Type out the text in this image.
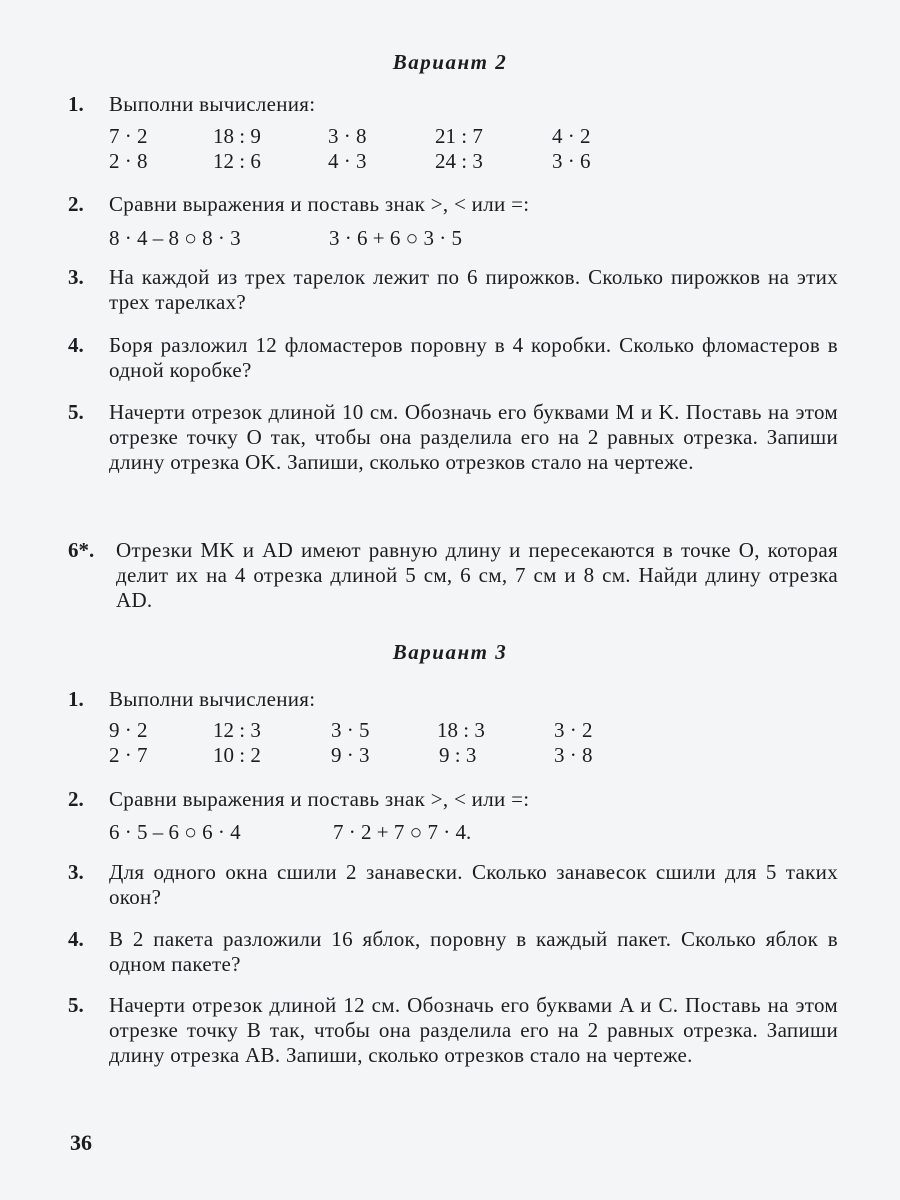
Вариант 2
1. Выполни вычисления:
7 · 2	18 : 9	3 · 8	21 : 7	4 · 2
2 · 8	12 : 6	4 · 3	24 : 3	3 · 6
2. Сравни выражения и поставь знак >, < или =:
8 · 4 – 8 ○ 8 · 3	3 · 6 + 6 ○ 3 · 5
3. На каждой из трех тарелок лежит по 6 пирожков. Сколько пирожков на этих трех тарелках?
4. Боря разложил 12 фломастеров поровну в 4 коробки. Сколько фломастеров в одной коробке?
5. Начерти отрезок длиной 10 см. Обозначь его буквами M и K. Поставь на этом отрезке точку O так, чтобы она разделила его на 2 равных отрезка. Запиши длину отрезка OK. Запиши, сколько отрезков стало на чертеже.
6*. Отрезки MK и AD имеют равную длину и пересекаются в точке O, которая делит их на 4 отрезка длиной 5 см, 6 см, 7 см и 8 см. Найди длину отрезка AD.
Вариант 3
1. Выполни вычисления:
9 · 2	12 : 3	3 · 5	18 : 3	3 · 2
2 · 7	10 : 2	9 · 3	9 : 3	3 · 8
2. Сравни выражения и поставь знак >, < или =:
6 · 5 – 6 ○ 6 · 4	7 · 2 + 7 ○ 7 · 4.
3. Для одного окна сшили 2 занавески. Сколько занавесок сшили для 5 таких окон?
4. В 2 пакета разложили 16 яблок, поровну в каждый пакет. Сколько яблок в одном пакете?
5. Начерти отрезок длиной 12 см. Обозначь его буквами A и C. Поставь на этом отрезке точку B так, чтобы она разделила его на 2 равных отрезка. Запиши длину отрезка AB. Запиши, сколько отрезков стало на чертеже.
36
